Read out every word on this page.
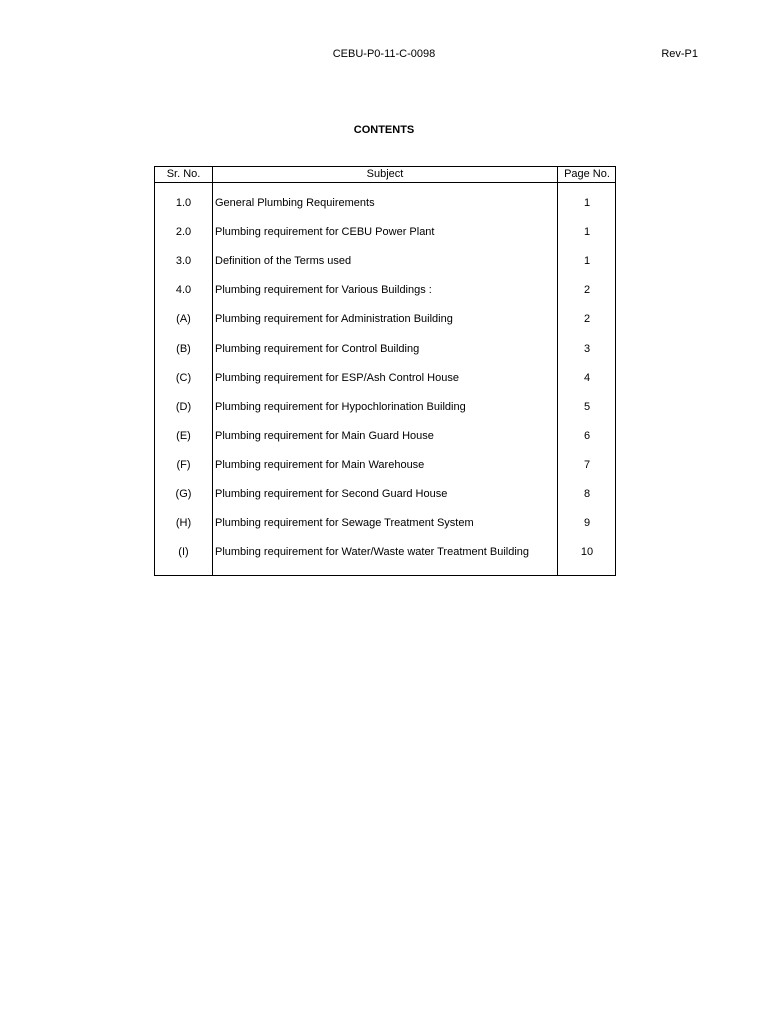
CEBU-P0-11-C-0098	Rev-P1
CONTENTS
Sr. No.	Subject	Page No.
1.0	General Plumbing Requirements	1
2.0	Plumbing requirement for CEBU Power Plant	1
3.0	Definition of the Terms used	1
4.0	Plumbing requirement for Various Buildings :	2
(A)	Plumbing requirement for Administration Building	2
(B)	Plumbing requirement for Control Building	3
(C)	Plumbing requirement for ESP/Ash Control House	4
(D)	Plumbing requirement for Hypochlorination Building	5
(E)	Plumbing requirement for Main Guard House	6
(F)	Plumbing requirement for Main Warehouse	7
(G)	Plumbing requirement for Second Guard House	8
(H)	Plumbing requirement for Sewage Treatment System	9
(I)	Plumbing requirement for Water/Waste water Treatment Building	10
